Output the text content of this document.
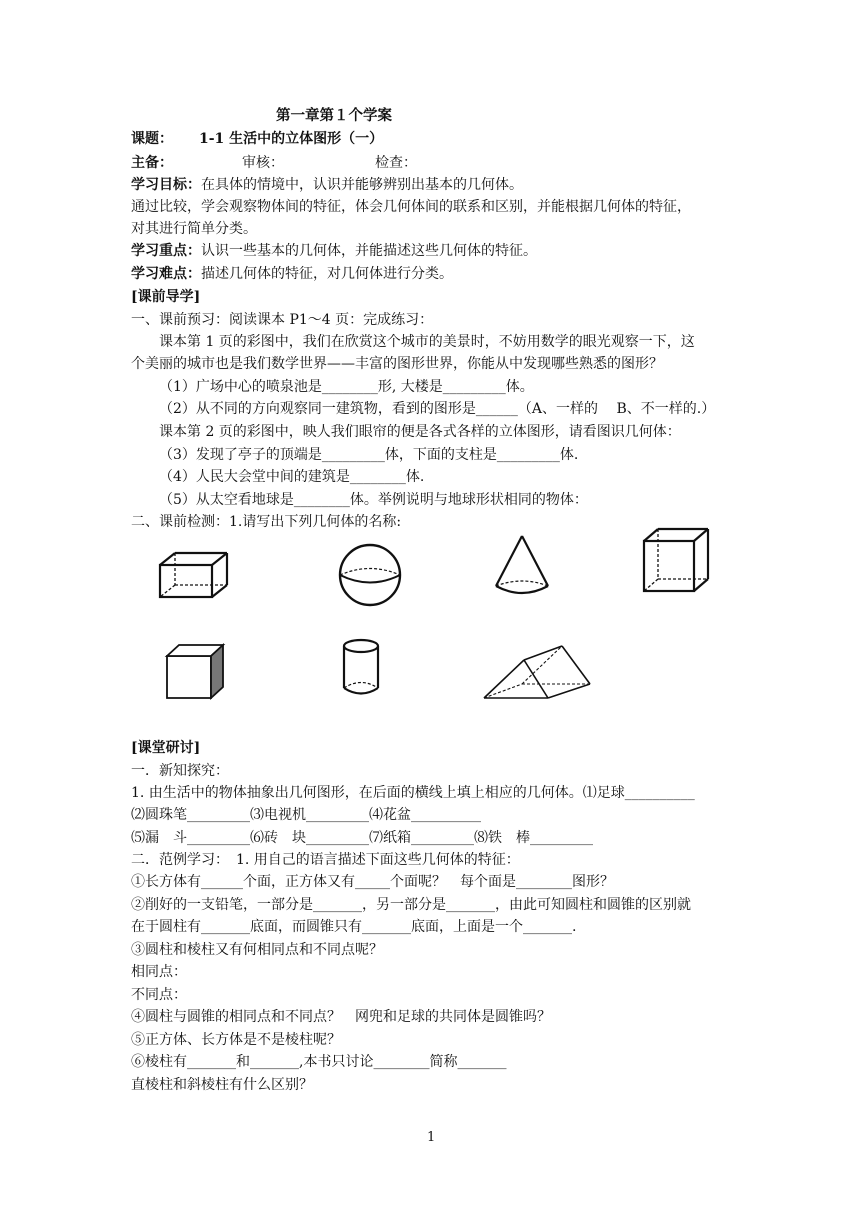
第一章第１个学案
课题： 1-1 生活中的立体图形（一）
主备：	审核：	检查：
学习目标：在具体的情境中，认识并能够辨别出基本的几何体。
通过比较，学会观察物体间的特征，体会几何体间的联系和区别，并能根据几何体的特征，
对其进行简单分类。
学习重点：认识一些基本的几何体，并能描述这些几何体的特征。
学习难点：描述几何体的特征，对几何体进行分类。
[课前导学]
一、课前预习：阅读课本 P1～4 页：完成练习：
课本第 1 页的彩图中，我们在欣赏这个城市的美景时，不妨用数学的眼光观察一下，这
个美丽的城市也是我们数学世界——丰富的图形世界，你能从中发现哪些熟悉的图形？
（1）广场中心的喷泉池是________形, 大楼是_________体。
（2）从不同的方向观察同一建筑物，看到的图形是______（A、一样的　 B、不一样的.）
课本第 2 页的彩图中，映人我们眼帘的便是各式各样的立体图形，请看图识几何体：
（3）发现了亭子的顶端是_________体，下面的支柱是_________体.
（4）人民大会堂中间的建筑是________体.
（5）从太空看地球是________体。举例说明与地球形状相同的物体：
二、课前检测：1.请写出下列几何体的名称:
[课堂研讨]
一．新知探究：
1. 由生活中的物体抽象出几何图形，在后面的横线上填上相应的几何体。⑴足球__________
⑵圆珠笔_________⑶电视机_________⑷花盆__________
⑸漏　斗_________⑹砖　块_________⑺纸箱_________⑻铁　棒_________
二．范例学习：　1. 用自己的语言描述下面这些几何体的特征：
①长方体有______个面，正方体又有_____个面呢？　每个面是________图形？
②削好的一支铅笔，一部分是_______，另一部分是_______，由此可知圆柱和圆锥的区别就
在于圆柱有_______底面，而圆锥只有_______底面，上面是一个_______.
③圆柱和棱柱又有何相同点和不同点呢？
相同点：
不同点：
④圆柱与圆锥的相同点和不同点？　网兜和足球的共同体是圆锥吗？
⑤正方体、长方体是不是棱柱呢？
⑥棱柱有_______和_______,本书只讨论________简称_______
直棱柱和斜棱柱有什么区别？
1
